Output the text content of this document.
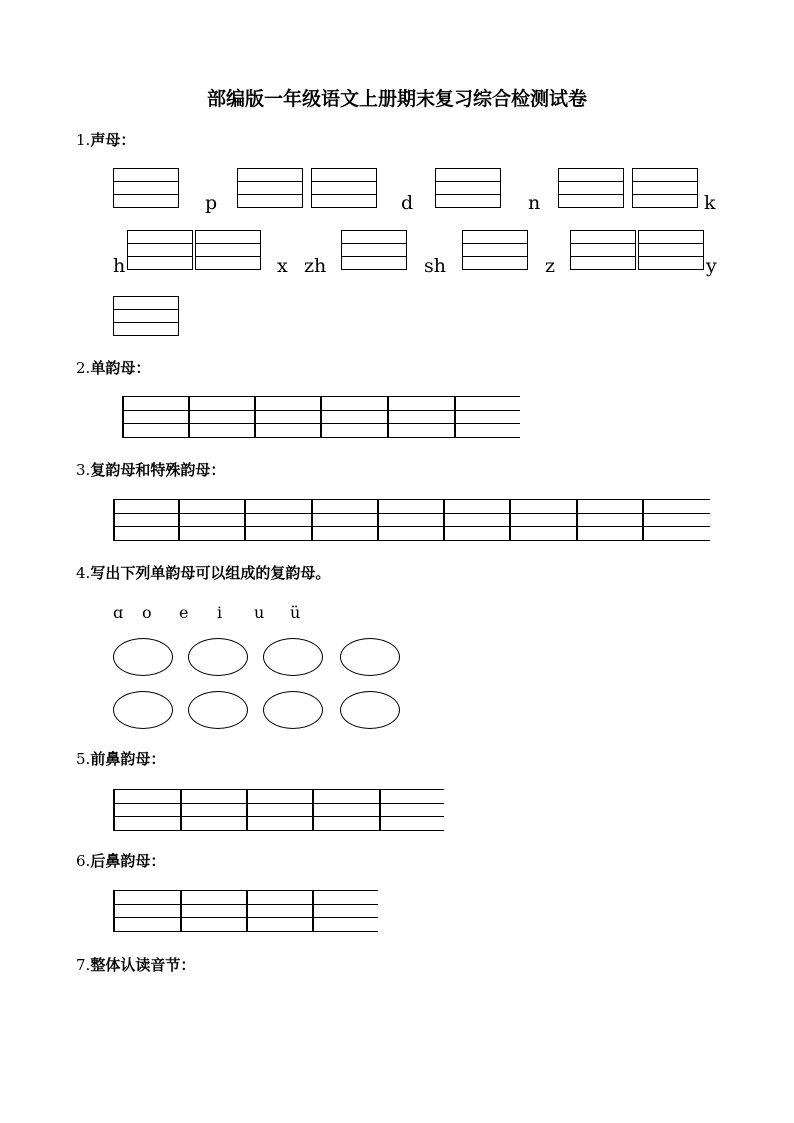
部编版一年级语文上册期末复习综合检测试卷
1.声母：
p	d	n	k
h	x zh	sh	z	y
2.单韵母：
3.复韵母和特殊韵母：
4.写出下列单韵母可以组成的复韵母。
ɑ o e i u ü
5.前鼻韵母：
6.后鼻韵母：
7.整体认读音节：
